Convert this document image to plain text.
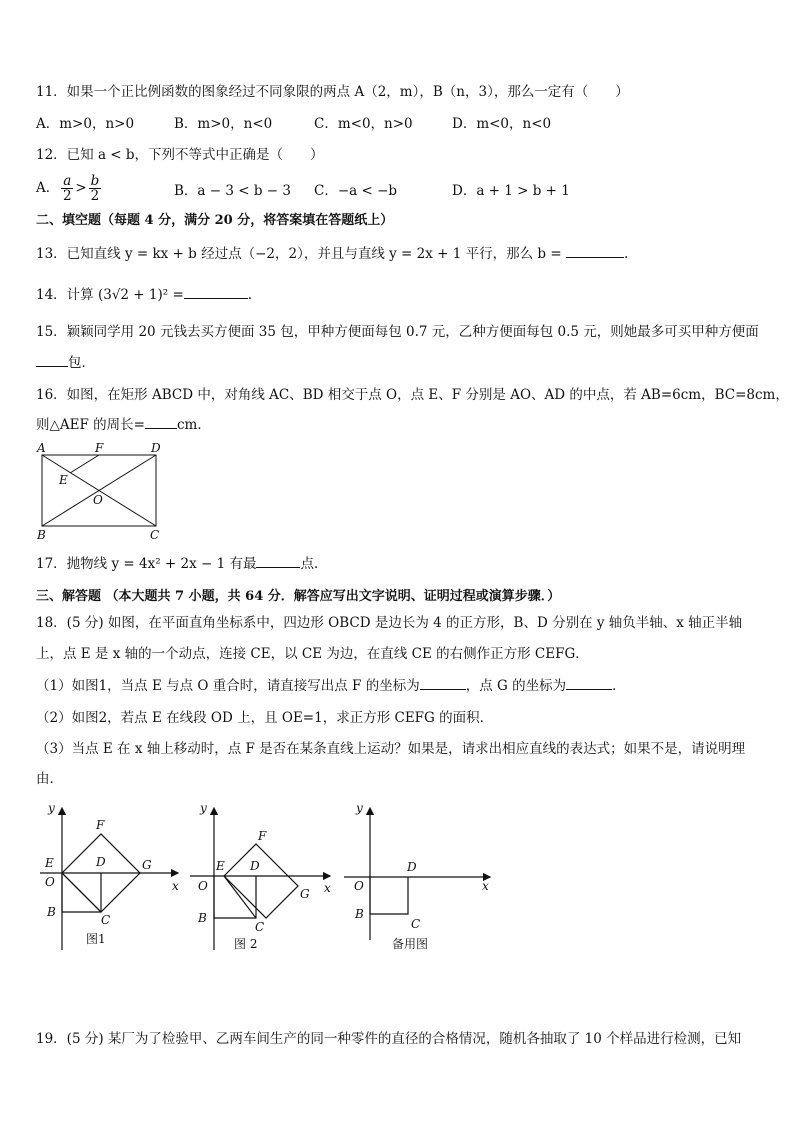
11．如果一个正比例函数的图象经过不同象限的两点 A（2，m），B（n，3），那么一定有（　　）
A．m>0，n>0	B．m>0，n<0	C．m<0，n>0	D．m<0，n<0
12．已知 a < b，下列不等式中正确是（　　）
A． $\frac{a}{2} > \frac{b}{2}$	B．a − 3 < b − 3 C．−a < −b	D．a + 1 > b + 1
二、填空题（每题 4 分，满分 20 分，将答案填在答题纸上）
13．已知直线 y = kx + b 经过点（−2，2），并且与直线 y = 2x + 1 平行，那么 b =	.
14．计算 (3√2 + 1)² =	.
15．颖颖同学用 20 元钱去买方便面 35 包，甲种方便面每包 0.7 元，乙种方便面每包 0.5 元，则她最多可买甲种方便面
包．
16．如图，在矩形 ABCD 中，对角线 AC、BD 相交于点 O，点 E、F 分别是 AO、AD 的中点，若 AB=6cm，BC=8cm，
则△AEF 的周长= cm．
A	F	D
E
O
B	C
17．抛物线 y = 4x² + 2x − 1 有最	点．
三、解答题 （本大题共 7 小题，共 64 分．解答应写出文字说明、证明过程或演算步骤．）
18．(5 分) 如图，在平面直角坐标系中，四边形 OBCD 是边长为 4 的正方形，B、D 分别在 y 轴负半轴、x 轴正半轴
上，点 E 是 x 轴的一个动点，连接 CE，以 CE 为边，在直线 CE 的右侧作正方形 CEFG．
（1）如图1，当点 E 与点 O 重合时，请直接写出点 F 的坐标为	，点 G 的坐标为	．
（2）如图2，若点 E 在线段 OD 上，且 OE=1，求正方形 CEFG 的面积．
（3）当点 E 在 x 轴上移动时，点 F 是否在某条直线上运动？如果是，请求出相应直线的表达式；如果不是，请说明理
由．
y
x
E
O
B
C
D
F
G
图1
y
x
E
O
B
C
D
F
G
图 2
y
x
O
B
C
D
备用图
19．(5 分) 某厂为了检验甲、乙两车间生产的同一种零件的直径的合格情况，随机各抽取了 10 个样品进行检测，已知
